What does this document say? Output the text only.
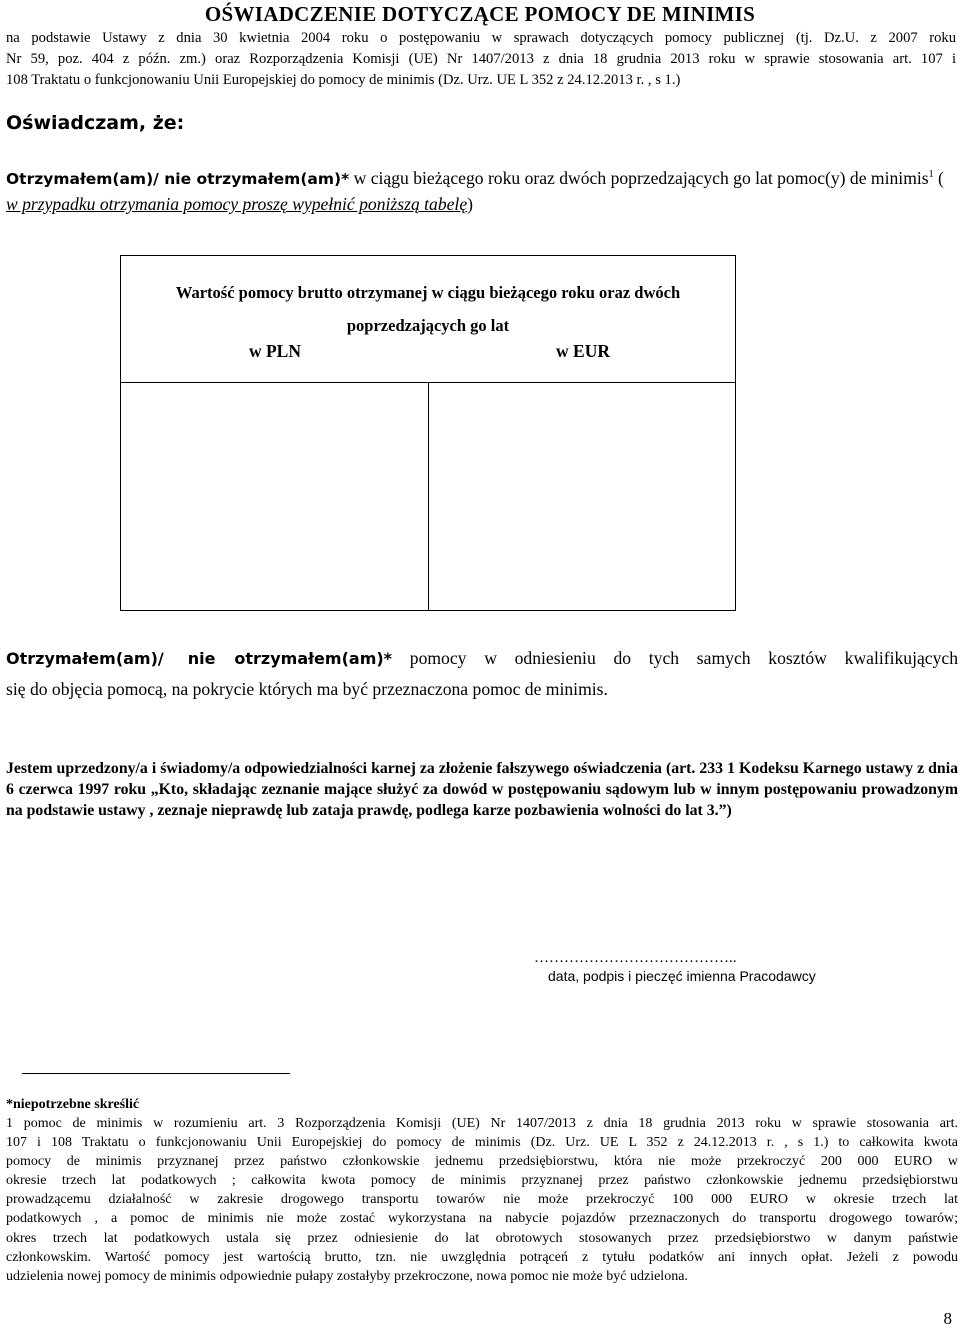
OŚWIADCZENIE DOTYCZĄCE POMOCY DE MINIMIS
na podstawie Ustawy z dnia 30 kwietnia 2004 roku o postępowaniu w sprawach dotyczących pomocy publicznej (tj. Dz.U. z 2007 roku
Nr 59, poz. 404 z późn. zm.) oraz Rozporządzenia Komisji (UE) Nr 1407/2013 z dnia 18 grudnia 2013 roku w sprawie stosowania art. 107 i
108 Traktatu o funkcjonowaniu Unii Europejskiej do pomocy de minimis (Dz. Urz. UE L 352 z 24.12.2013 r. , s 1.)
Oświadczam, że:
Otrzymałem(am)/ nie otrzymałem(am)* w ciągu bieżącego roku oraz dwóch poprzedzających go lat pomoc(y) de minimis$^1$ ( w przypadku otrzymania pomocy proszę wypełnić poniższą tabelę)
Wartość pomocy brutto otrzymanej w ciągu bieżącego roku oraz dwóch
poprzedzających go lat
w PLN	w EUR
Otrzymałem(am)/ nie otrzymałem(am)* pomocy w odniesieniu do tych samych kosztów kwalifikujących
się do objęcia pomocą, na pokrycie których ma być przeznaczona pomoc de minimis.
Jestem uprzedzony/a i świadomy/a odpowiedzialności karnej za złożenie fałszywego oświadczenia (art. 233 1 Kodeksu Karnego ustawy z dnia 6 czerwca 1997 roku „Kto, składając zeznanie mające służyć za dowód w postępowaniu sądowym lub w innym postępowaniu prowadzonym na podstawie ustawy , zeznaje nieprawdę lub zataja prawdę, podlega karze pozbawienia wolności do lat 3.”)
…………………………………..
data, podpis i pieczęć imienna Pracodawcy
*niepotrzebne skreślić
1 pomoc de minimis w rozumieniu art. 3 Rozporządzenia Komisji (UE) Nr 1407/2013 z dnia 18 grudnia 2013 roku w sprawie stosowania art.
107 i 108 Traktatu o funkcjonowaniu Unii Europejskiej do pomocy de minimis (Dz. Urz. UE L 352 z 24.12.2013 r. , s 1.) to całkowita kwota
pomocy de minimis przyznanej przez państwo członkowskie jednemu przedsiębiorstwu, która nie może przekroczyć 200 000 EURO w
okresie trzech lat podatkowych ; całkowita kwota pomocy de minimis przyznanej przez państwo członkowskie jednemu przedsiębiorstwu
prowadzącemu działalność w zakresie drogowego transportu towarów nie może przekroczyć 100 000 EURO w okresie trzech lat
podatkowych , a pomoc de minimis nie może zostać wykorzystana na nabycie pojazdów przeznaczonych do transportu drogowego towarów;
okres trzech lat podatkowych ustala się przez odniesienie do lat obrotowych stosowanych przez przedsiębiorstwo w danym państwie
członkowskim. Wartość pomocy jest wartością brutto, tzn. nie uwzględnia potrąceń z tytułu podatków ani innych opłat. Jeżeli z powodu
udzielenia nowej pomocy de minimis odpowiednie pułapy zostałyby przekroczone, nowa pomoc nie może być udzielona.
8
